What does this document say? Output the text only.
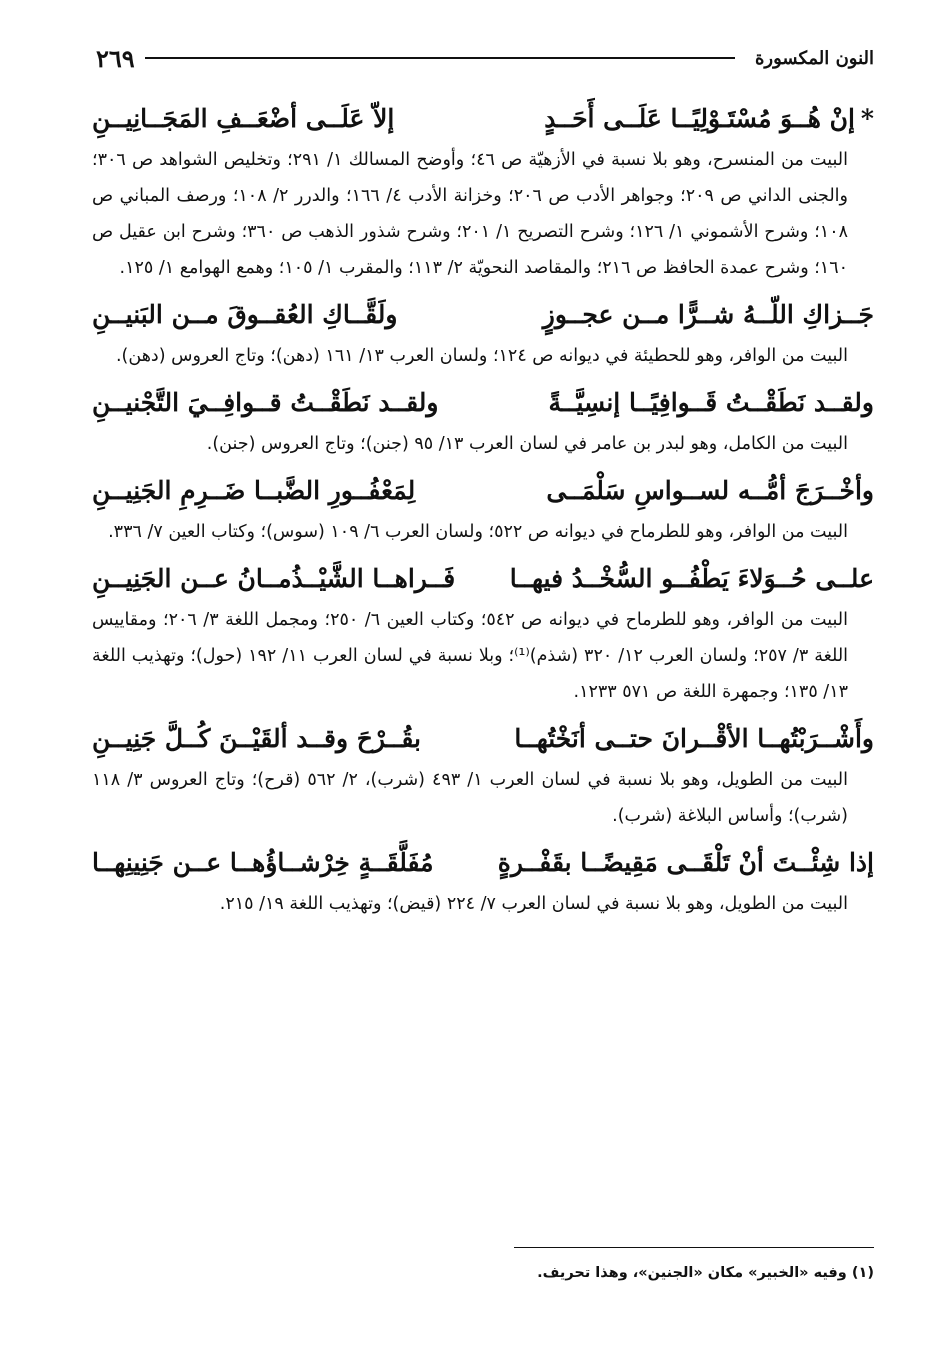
النون المكسورة
٢٦٩
*إنْ هُــوَ مُسْتَـوْلِيًــا عَلَــى أَحَــدٍ
إلاّ عَلَــى أضْعَــفِ المَجَــانِيــنِ

البيت من المنسرح، وهو بلا نسبة في الأزهيّة ص ٤٦؛ وأوضح المسالك ١/ ٢٩١؛ وتخليص الشواهد ص ٣٠٦؛ والجنى الداني ص ٢٠٩؛ وجواهر الأدب ص ٢٠٦؛ وخزانة الأدب ٤/ ١٦٦؛ والدرر ٢/ ١٠٨؛ ورصف المباني ص ١٠٨؛ وشرح الأشموني ١/ ١٢٦؛ وشرح التصريح ١/ ٢٠١؛ وشرح شذور الذهب ص ٣٦٠؛ وشرح ابن عقيل ص ١٦٠؛ وشرح عمدة الحافظ ص ٢١٦؛ والمقاصد النحويّة ٢/ ١١٣؛ والمقرب ١/ ١٠٥؛ وهمع الهوامع ١/ ١٢٥.

جَــزاكِ اللّــهُ شــرًّا مــن عجــوزٍ
ولَقَّــاكِ العُقــوقَ مــن البَنيــنِ

البيت من الوافر، وهو للحطيئة في ديوانه ص ١٢٤؛ ولسان العرب ١٣/ ١٦١ (دهن)؛ وتاج العروس (دهن).

ولقــد نَطَقْــتُ قَــوافِيًــا إنسِيَّــةً
ولقــد نَطَقْــتُ قــوافِــيَ التَّجْنيــنِ

البيت من الكامل، وهو لبدر بن عامر في لسان العرب ١٣/ ٩٥ (جنن)؛ وتاج العروس (جنن).

وأخْــرَجَ أمُّــه لســواسِ سَلْمَــى
لِمَعْفُــورِ الضَّبــا ضَــرِمِ الجَنِيــنِ

البيت من الوافر، وهو للطرماح في ديوانه ص ٥٢٢؛ ولسان العرب ٦/ ١٠٩ (سوس)؛ وكتاب العين ٧/ ٣٣٦.

علــى حُــوَلاءَ يَطْفُــو السُّخْــدُ فيهــا
فَــراهــا الشَّيْــذُمــانُ عــن الجَنِيــنِ

البيت من الوافر، وهو للطرماح في ديوانه ص ٥٤٢؛ وكتاب العين ٦/ ٢٥٠؛ ومجمل اللغة ٣/ ٢٠٦؛ ومقاييس اللغة ٣/ ٢٥٧؛ ولسان العرب ١٢/ ٣٢٠ (شذم)⁽¹⁾؛ وبلا نسبة في لسان العرب ١١/ ١٩٢ (حول)؛ وتهذيب اللغة ١٣/ ١٣٥؛ وجمهرة اللغة ص ٥٧١ ١٢٣٣.

وأَشْــرَبْتُهــا الأقْــرانَ حتــى أنَخْتُهــا
بقُــرْحَ وقــد ألقَيْــنَ كُــلَّ جَنِيــنِ

البيت من الطويل، وهو بلا نسبة في لسان العرب ١/ ٤٩٣ (شرب)، ٢/ ٥٦٢ (قرح)؛ وتاج العروس ٣/ ١١٨ (شرب)؛ وأساس البلاغة (شرب).

إذا شِئْــتَ أنْ تَلْقَــى مَقِيضًــا بقَفْــرةٍ
مُفَلَّقَــةٍ خِرْشــاؤُهــا عــن جَنِينِهــا

البيت من الطويل، وهو بلا نسبة في لسان العرب ٧/ ٢٢٤ (قيض)؛ وتهذيب اللغة ١٩/ ٢١٥.

(١) وفيه «الخبير» مكان «الجنين»، وهذا تحريف.
